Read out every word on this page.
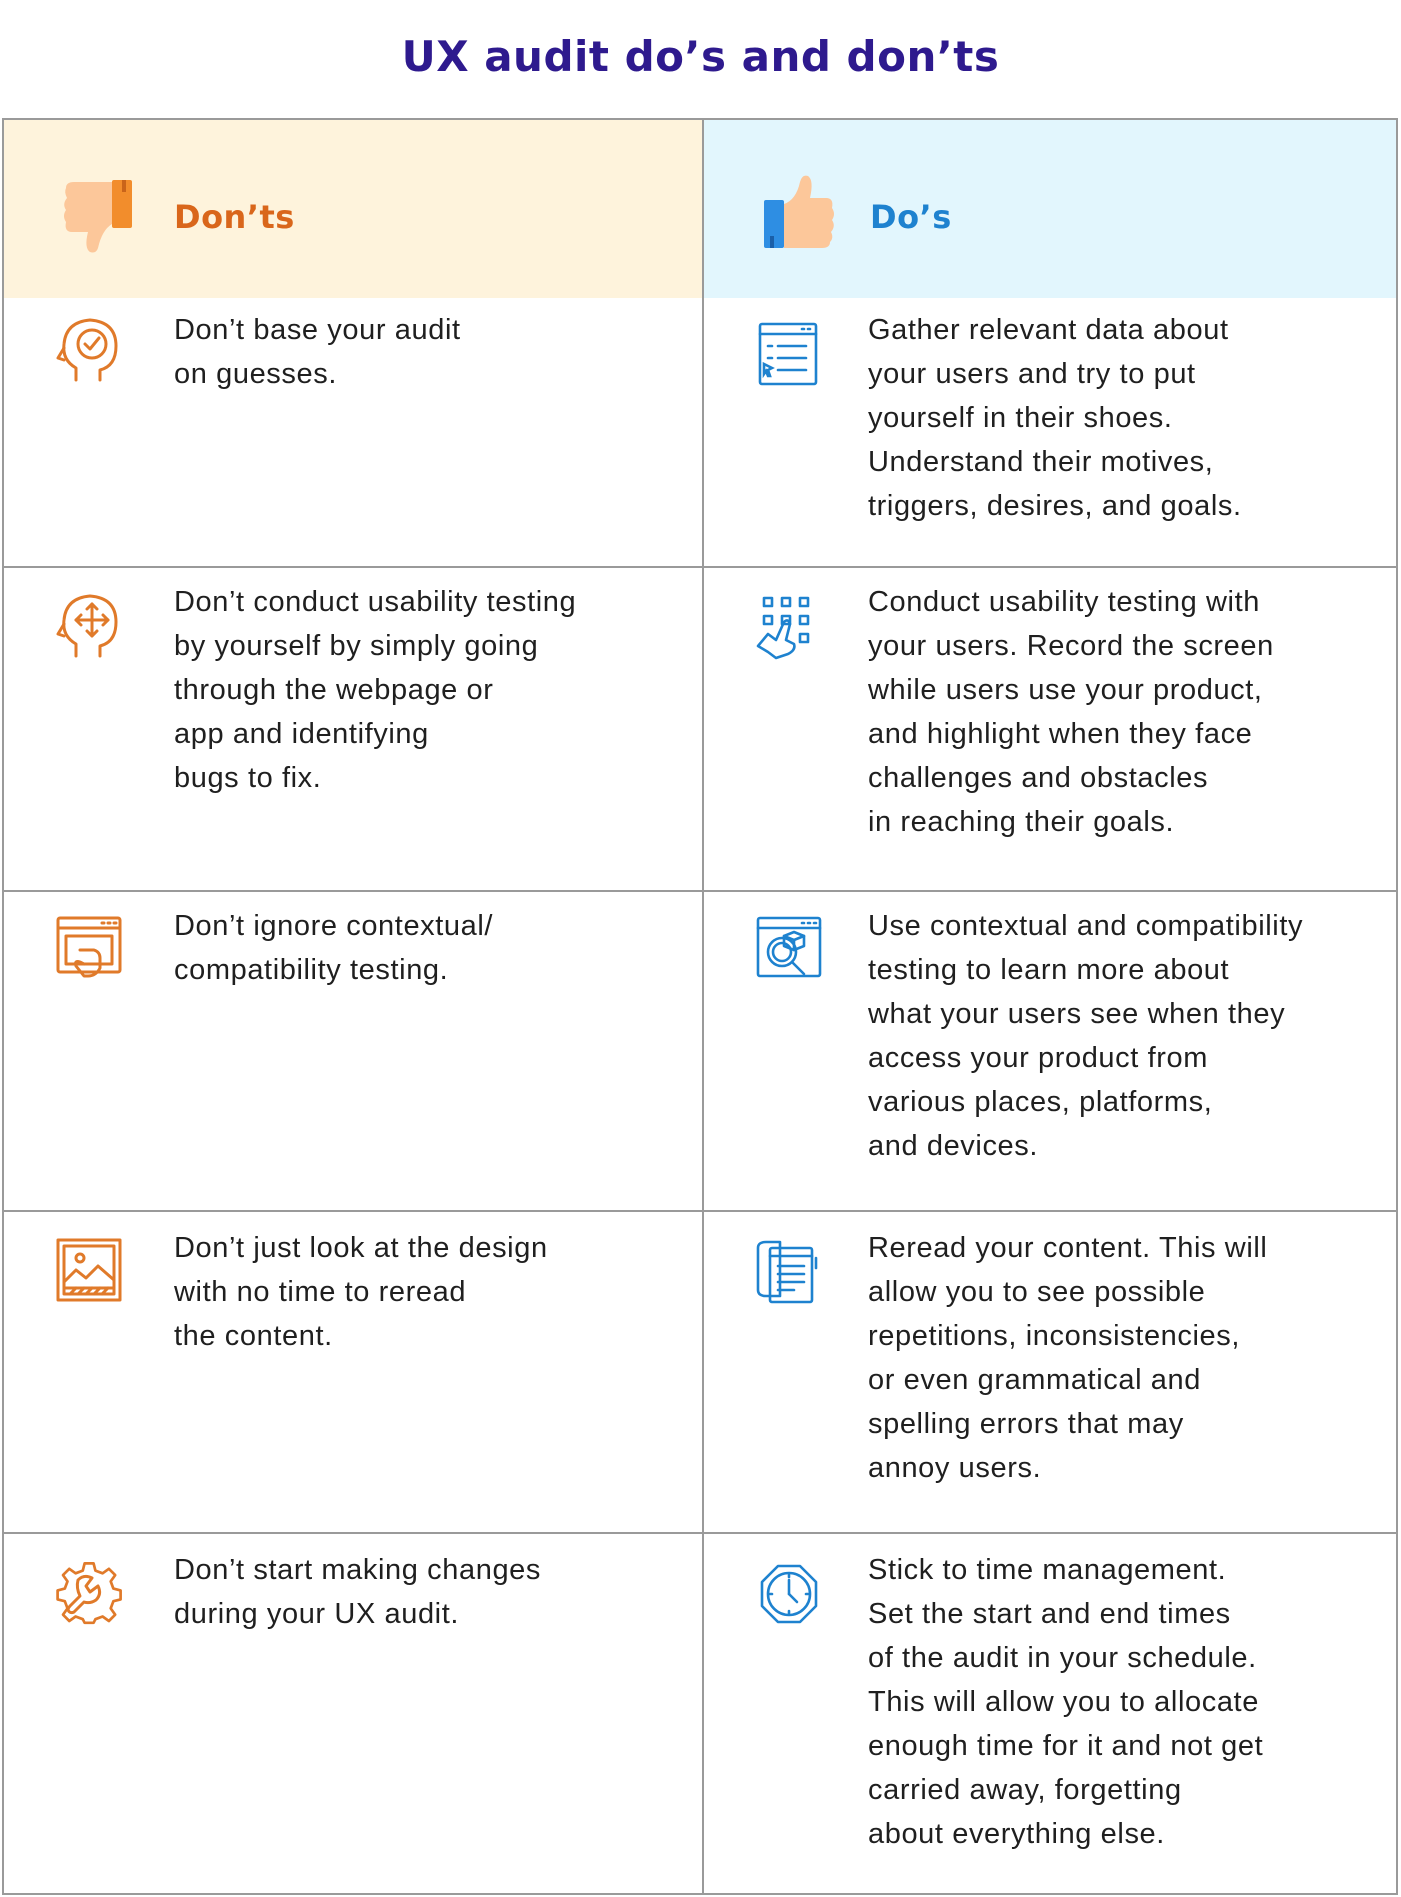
UX audit do’s and don’ts
Don’ts	Do’s
Don’t base your audit
on guesses.
Gather relevant data about
your users and try to put
yourself in their shoes.
Understand their motives,
triggers, desires, and goals.
Don’t conduct usability testing
by yourself by simply going
through the webpage or
app and identifying
bugs to fix.
Conduct usability testing with
your users. Record the screen
while users use your product,
and highlight when they face
challenges and obstacles
in reaching their goals.
Don’t ignore contextual/
compatibility testing.
Use contextual and compatibility
testing to learn more about
what your users see when they
access your product from
various places, platforms,
and devices.
Don’t just look at the design
with no time to reread
the content.
Reread your content. This will
allow you to see possible
repetitions, inconsistencies,
or even grammatical and
spelling errors that may
annoy users.
Don’t start making changes
during your UX audit.
Stick to time management.
Set the start and end times
of the audit in your schedule.
This will allow you to allocate
enough time for it and not get
carried away, forgetting
about everything else.
